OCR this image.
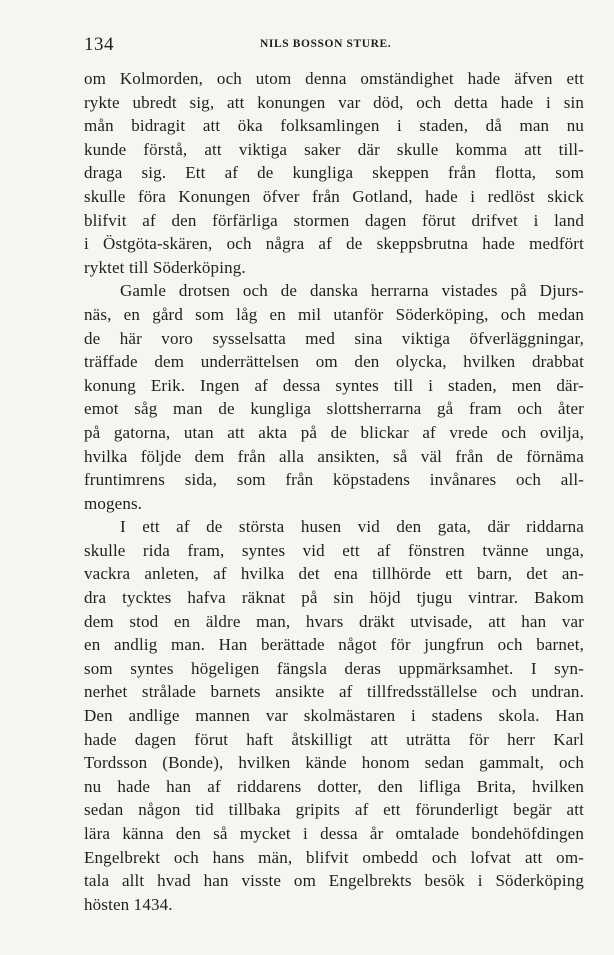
134	NILS BOSSON STURE.
om Kolmorden, och utom denna omständighet hade äfven ett
rykte ubredt sig, att konungen var död, och detta hade i sin
mån bidragit att öka folksamlingen i staden, då man nu
kunde förstå, att viktiga saker där skulle komma att till-
draga sig. Ett af de kungliga skeppen från flotta, som
skulle föra Konungen öfver från Gotland, hade i redlöst skick
blifvit af den förfärliga stormen dagen förut drifvet i land
i Östgöta-skären, och några af de skeppsbrutna hade medfört
ryktet till Söderköping.
Gamle drotsen och de danska herrarna vistades på Djurs-
näs, en gård som låg en mil utanför Söderköping, och medan
de här voro sysselsatta med sina viktiga öfverläggningar,
träffade dem underrättelsen om den olycka, hvilken drabbat
konung Erik. Ingen af dessa syntes till i staden, men där-
emot såg man de kungliga slottsherrarna gå fram och åter
på gatorna, utan att akta på de blickar af vrede och ovilja,
hvilka följde dem från alla ansikten, så väl från de förnäma
fruntimrens sida, som från köpstadens invånares och all-
mogens.
I ett af de största husen vid den gata, där riddarna
skulle rida fram, syntes vid ett af fönstren tvänne unga,
vackra anleten, af hvilka det ena tillhörde ett barn, det an-
dra tycktes hafva räknat på sin höjd tjugu vintrar. Bakom
dem stod en äldre man, hvars dräkt utvisade, att han var
en andlig man. Han berättade något för jungfrun och barnet,
som syntes högeligen fängsla deras uppmärksamhet. I syn-
nerhet strålade barnets ansikte af tillfredsställelse och undran.
Den andlige mannen var skolmästaren i stadens skola. Han
hade dagen förut haft åtskilligt att uträtta för herr Karl
Tordsson (Bonde), hvilken kände honom sedan gammalt, och
nu hade han af riddarens dotter, den lifliga Brita, hvilken
sedan någon tid tillbaka gripits af ett förunderligt begär att
lära känna den så mycket i dessa år omtalade bondehöfdingen
Engelbrekt och hans män, blifvit ombedd och lofvat att om-
tala allt hvad han visste om Engelbrekts besök i Söderköping
hösten 1434.
